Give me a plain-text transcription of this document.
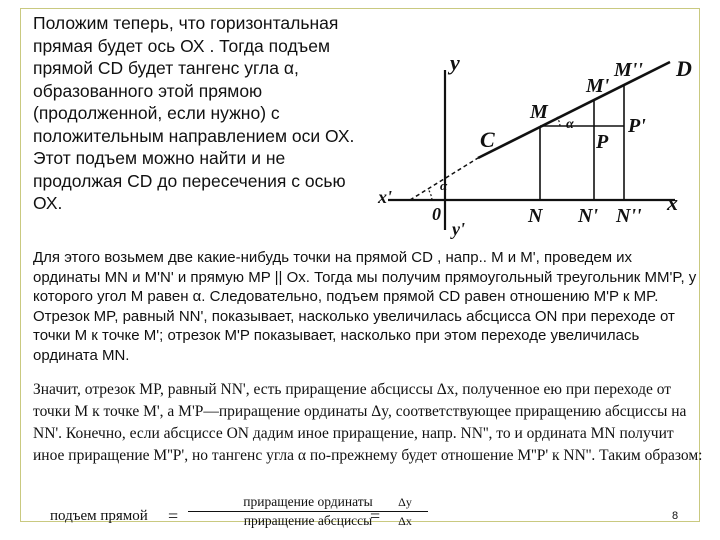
Положим теперь, что горизонтальная прямая будет ось ОХ . Тогда подъем прямой CD будет тангенс угла α, образованного этой прямою (продолженной, если нужно) с положительным направлением оси ОХ. Этот подъем можно найти и не продолжая CD до пересечения с осью ОХ.

y
x
x'
y'
0
C
D
M
M'
M''
P
P'
N N' N''
α
α

Для этого возьмем две какие-нибудь точки на прямой CD , напр.. M и M', проведем их ординаты MN и M'N' и прямую MP || Ox. Тогда мы получим прямоугольный треугольник MM'P, у которого угол M равен α. Следовательно, подъем прямой CD равен отношению M'P к MP. Отрезок MP, равный NN', показывает, насколько увеличилась абсцисса ON при переходе от точки M к точке M'; отрезок M'P показывает, насколько при этом переходе увеличилась ордината MN.

Значит, отрезок MP, равный NN', есть приращение абсциссы Δx, полученное ею при переходе от точки M к точке M', а M'P—приращение ординаты Δy, соответствующее приращению абсциссы на NN'. Конечно, если абсциссе ON дадим иное приращение, напр. NN'', то и ордината MN получит иное приращение M''P', но тангенс угла α по-прежнему будет отношение M''P' к NN''. Таким образом:

подъем прямой =
приращение ординаты
приращение абсциссы
=
Δy
Δx	8
